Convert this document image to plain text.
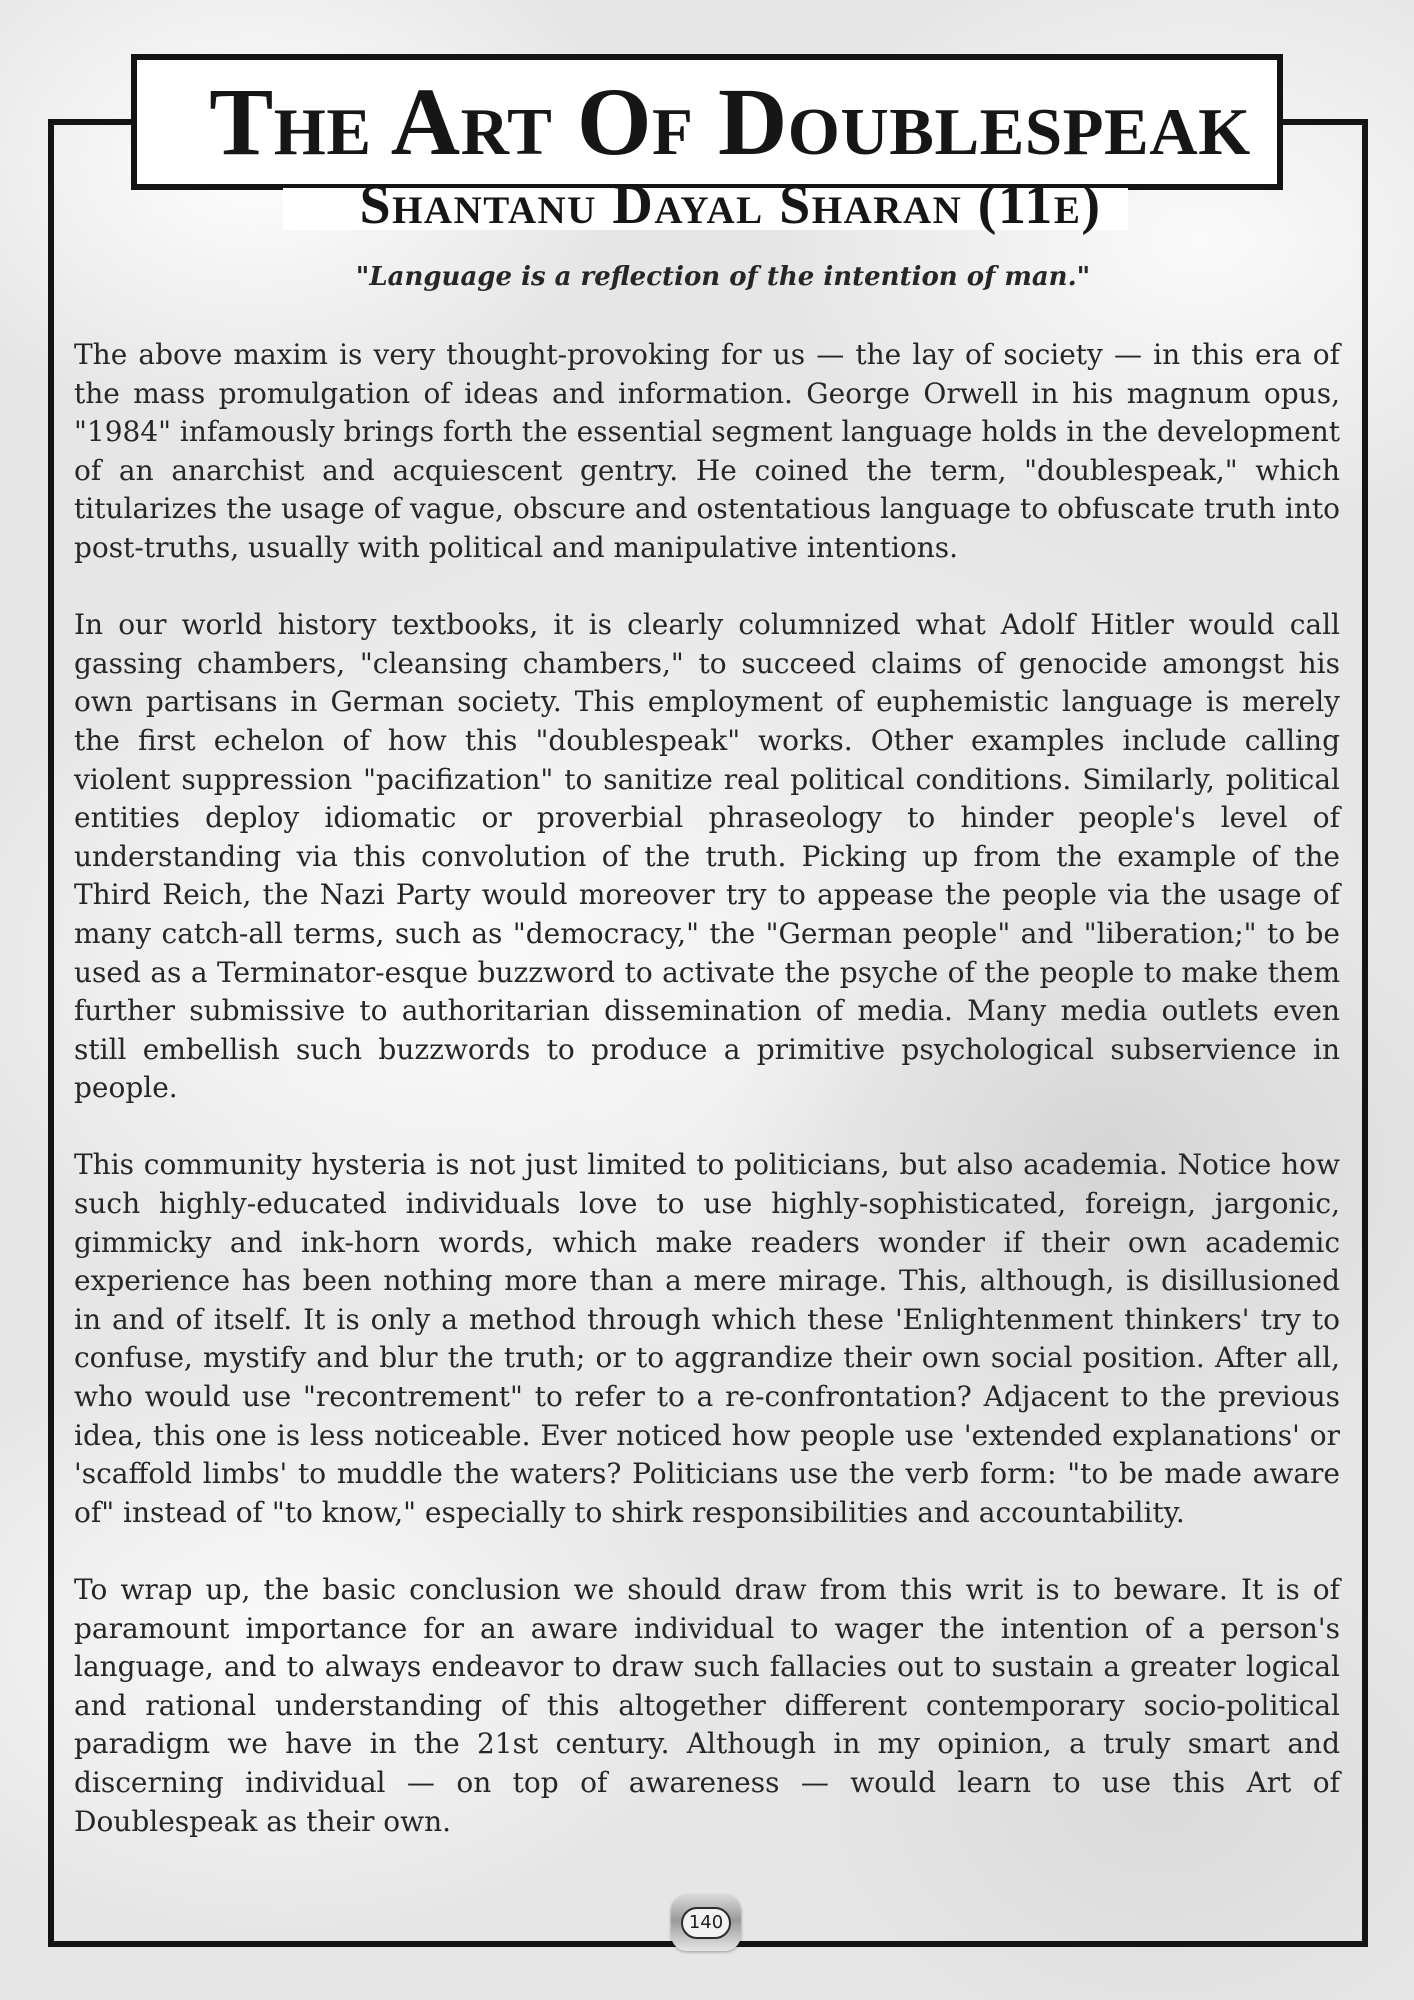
The Art Of Doublespeak
Shantanu Dayal Sharan (11e)
"Language is a reflection of the intention of man."

The above maxim is very thought-provoking for us — the lay of society — in this era of the mass promulgation of ideas and information. George Orwell in his magnum opus, "1984" infamously brings forth the essential segment language holds in the development of an anarchist and acquiescent gentry. He coined the term, "doublespeak," which titularizes the usage of vague, obscure and ostentatious language to obfuscate truth into post-truths, usually with political and manipulative intentions.

In our world history textbooks, it is clearly columnized what Adolf Hitler would call gassing chambers, "cleansing chambers," to succeed claims of genocide amongst his own partisans in German society. This employment of euphemistic language is merely the first echelon of how this "doublespeak" works. Other examples include calling violent suppression "pacifization" to sanitize real political conditions. Similarly, political entities deploy idiomatic or proverbial phraseology to hinder people's level of understanding via this convolution of the truth. Picking up from the example of the Third Reich, the Nazi Party would moreover try to appease the people via the usage of many catch-all terms, such as "democracy," the "German people" and "liberation;" to be used as a Terminator-esque buzzword to activate the psyche of the people to make them further submissive to authoritarian dissemination of media. Many media outlets even still embellish such buzzwords to produce a primitive psychological subservience in people.

This community hysteria is not just limited to politicians, but also academia. Notice how such highly-educated individuals love to use highly-sophisticated, foreign, jargonic, gimmicky and ink-horn words, which make readers wonder if their own academic experience has been nothing more than a mere mirage. This, although, is disillusioned in and of itself. It is only a method through which these 'Enlightenment thinkers' try to confuse, mystify and blur the truth; or to aggrandize their own social position. After all, who would use "recontrement" to refer to a re-confrontation? Adjacent to the previous idea, this one is less noticeable. Ever noticed how people use 'extended explanations' or 'scaffold limbs' to muddle the waters? Politicians use the verb form: "to be made aware of" instead of "to know," especially to shirk responsibilities and accountability.

To wrap up, the basic conclusion we should draw from this writ is to beware. It is of paramount importance for an aware individual to wager the intention of a person's language, and to always endeavor to draw such fallacies out to sustain a greater logical and rational understanding of this altogether different contemporary socio-political paradigm we have in the 21st century. Although in my opinion, a truly smart and discerning individual — on top of awareness — would learn to use this Art of Doublespeak as their own.

140
